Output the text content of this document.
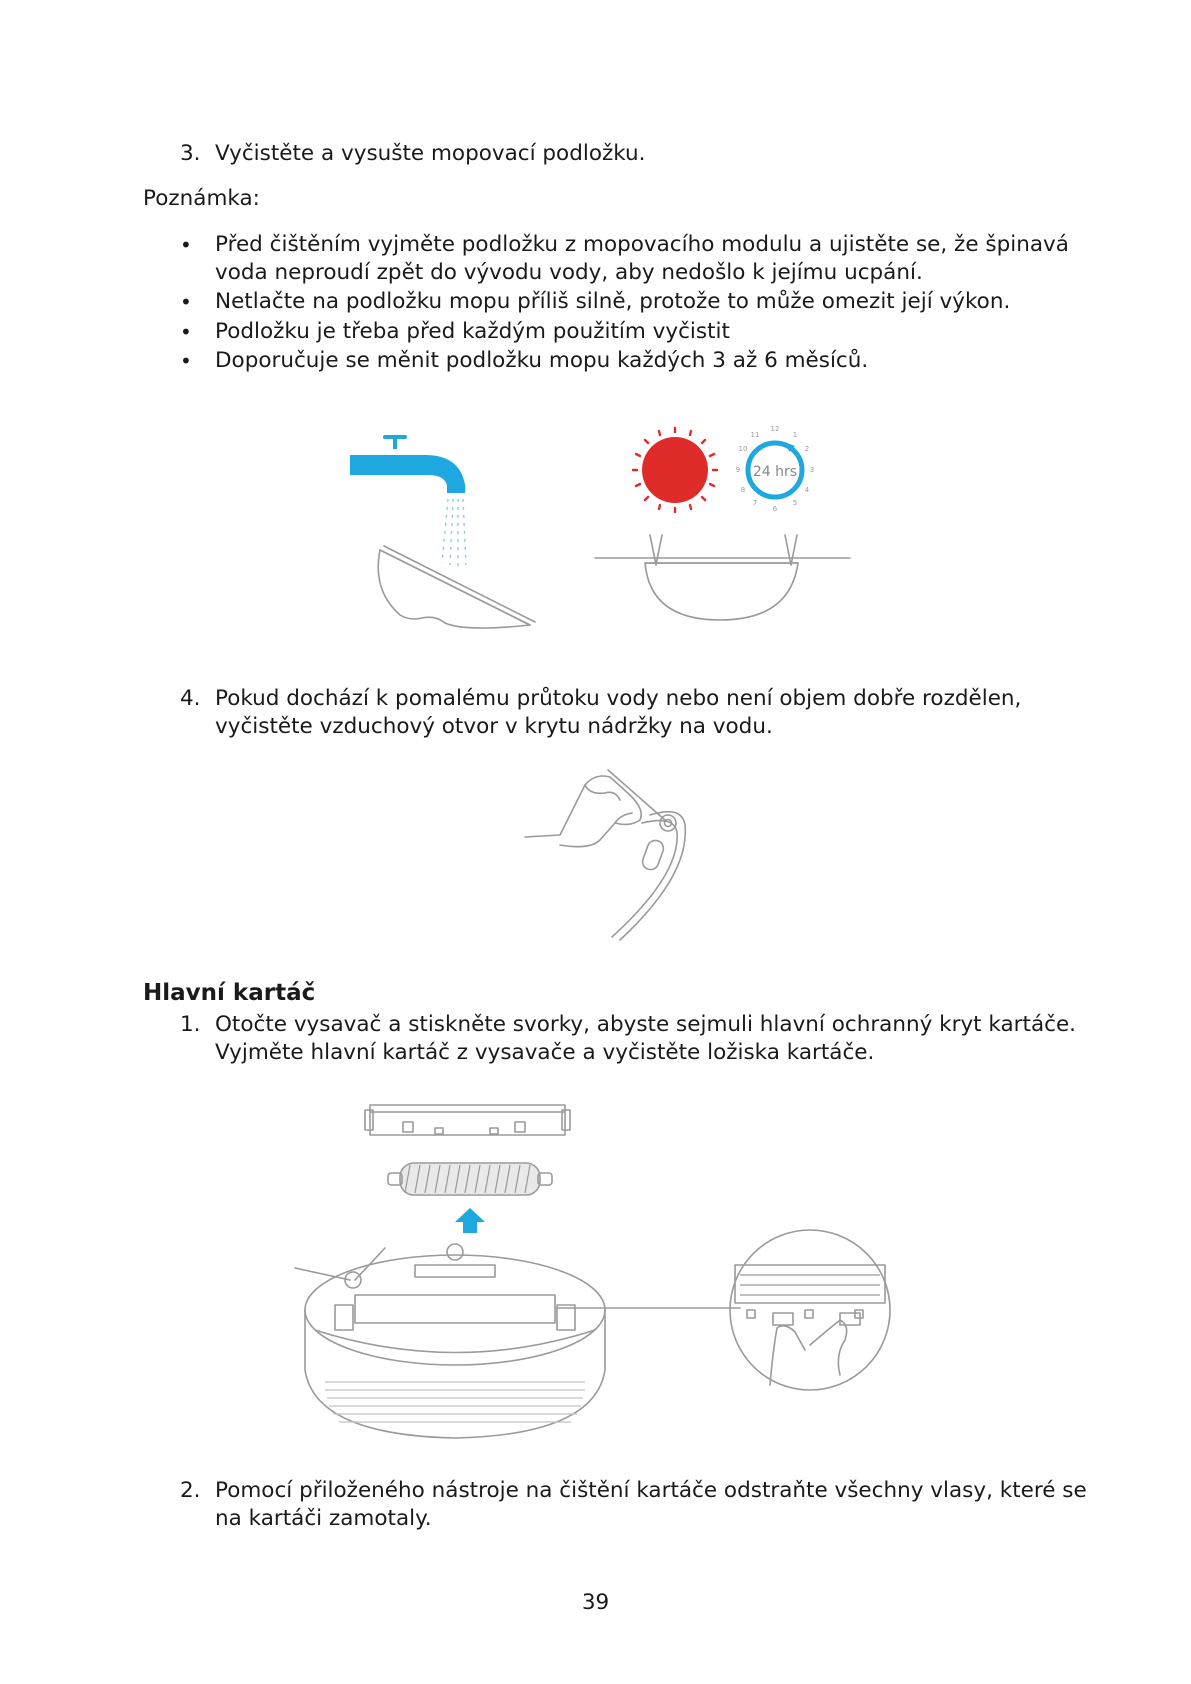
3. Vyčistěte a vysušte mopovací podložku.
Poznámka:
• Před čištěním vyjměte podložku z mopovacího modulu a ujistěte se, že špinavá
voda neproudí zpět do vývodu vody, aby nedošlo k jejímu ucpání.
• Netlačte na podložku mopu příliš silně, protože to může omezit její výkon.
• Podložku je třeba před každým použitím vyčistit
• Doporučuje se měnit podložku mopu každých 3 až 6 měsíců.
24 hrs
12
1
2
3
4
5
6
7
8
9
10
11
4. Pokud dochází k pomalému průtoku vody nebo není objem dobře rozdělen,
vyčistěte vzduchový otvor v krytu nádržky na vodu.
Hlavní kartáč
1. Otočte vysavač a stiskněte svorky, abyste sejmuli hlavní ochranný kryt kartáče.
Vyjměte hlavní kartáč z vysavače a vyčistěte ložiska kartáče.
2. Pomocí přiloženého nástroje na čištění kartáče odstraňte všechny vlasy, které se
na kartáči zamotaly.
39
